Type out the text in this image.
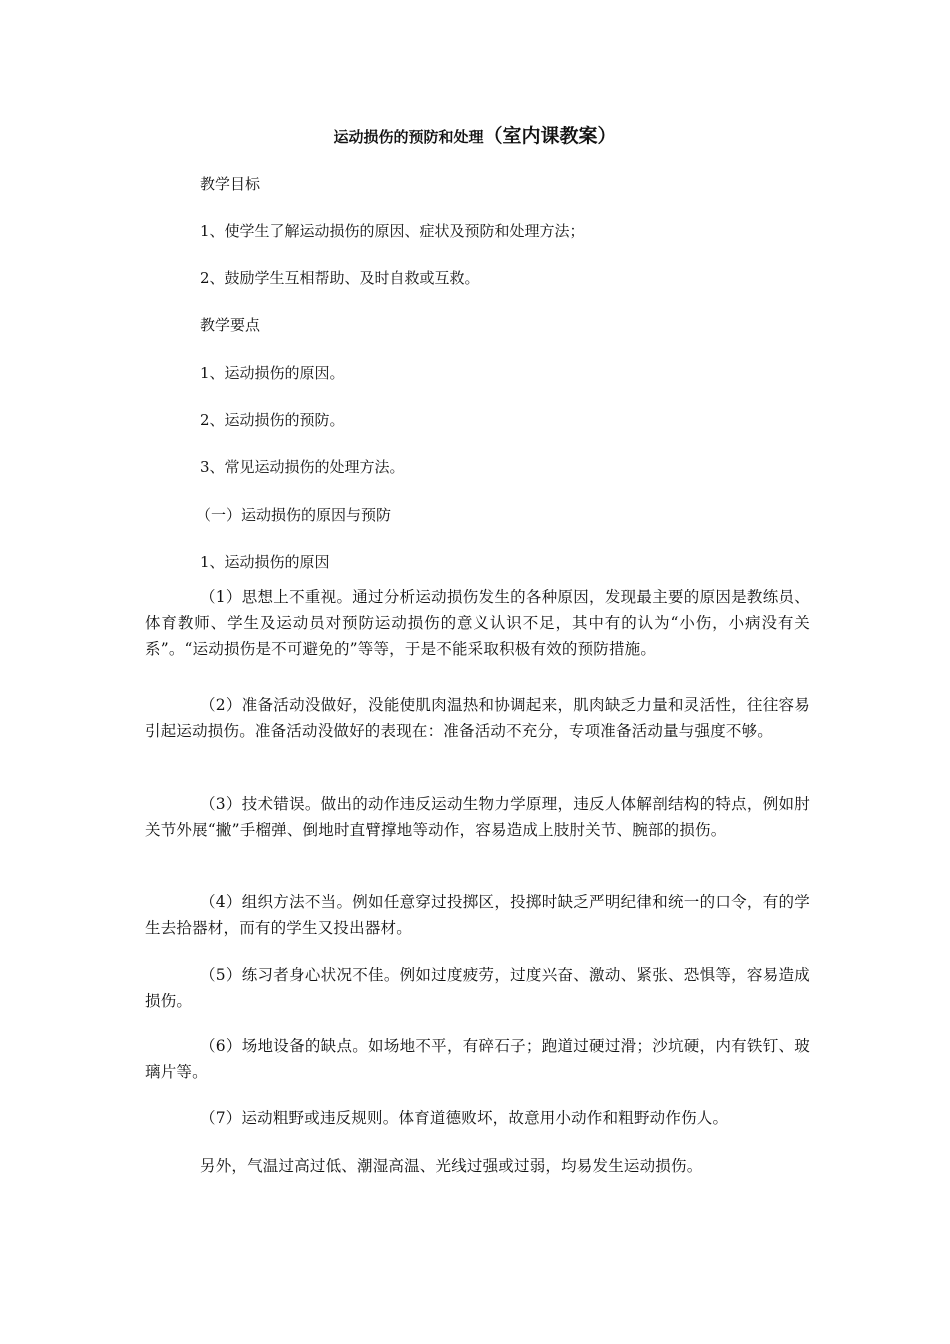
运动损伤的预防和处理（室内课教案）
教学目标
1、使学生了解运动损伤的原因、症状及预防和处理方法；
2、鼓励学生互相帮助、及时自救或互救。
教学要点
1、运动损伤的原因。
2、运动损伤的预防。
3、常见运动损伤的处理方法。
（一）运动损伤的原因与预防
1、运动损伤的原因

（1）思想上不重视。通过分析运动损伤发生的各种原因，发现最主要的原因是教练员、体育教师、学生及运动员对预防运动损伤的意义认识不足，其中有的认为“小伤，小病没有关系”。“运动损伤是不可避免的”等等，于是不能采取积极有效的预防措施。

（2）准备活动没做好，没能使肌肉温热和协调起来，肌肉缺乏力量和灵活性，往往容易引起运动损伤。准备活动没做好的表现在：准备活动不充分，专项准备活动量与强度不够。

（3）技术错误。做出的动作违反运动生物力学原理，违反人体解剖结构的特点，例如肘关节外展“撇”手榴弹、倒地时直臂撑地等动作，容易造成上肢肘关节、腕部的损伤。

（4）组织方法不当。例如任意穿过投掷区，投掷时缺乏严明纪律和统一的口令，有的学生去拾器材，而有的学生又投出器材。

（5）练习者身心状况不佳。例如过度疲劳，过度兴奋、激动、紧张、恐惧等，容易造成损伤。

（6）场地设备的缺点。如场地不平，有碎石子；跑道过硬过滑；沙坑硬，内有铁钉、玻璃片等。

（7）运动粗野或违反规则。体育道德败坏，故意用小动作和粗野动作伤人。

另外，气温过高过低、潮湿高温、光线过强或过弱，均易发生运动损伤。
